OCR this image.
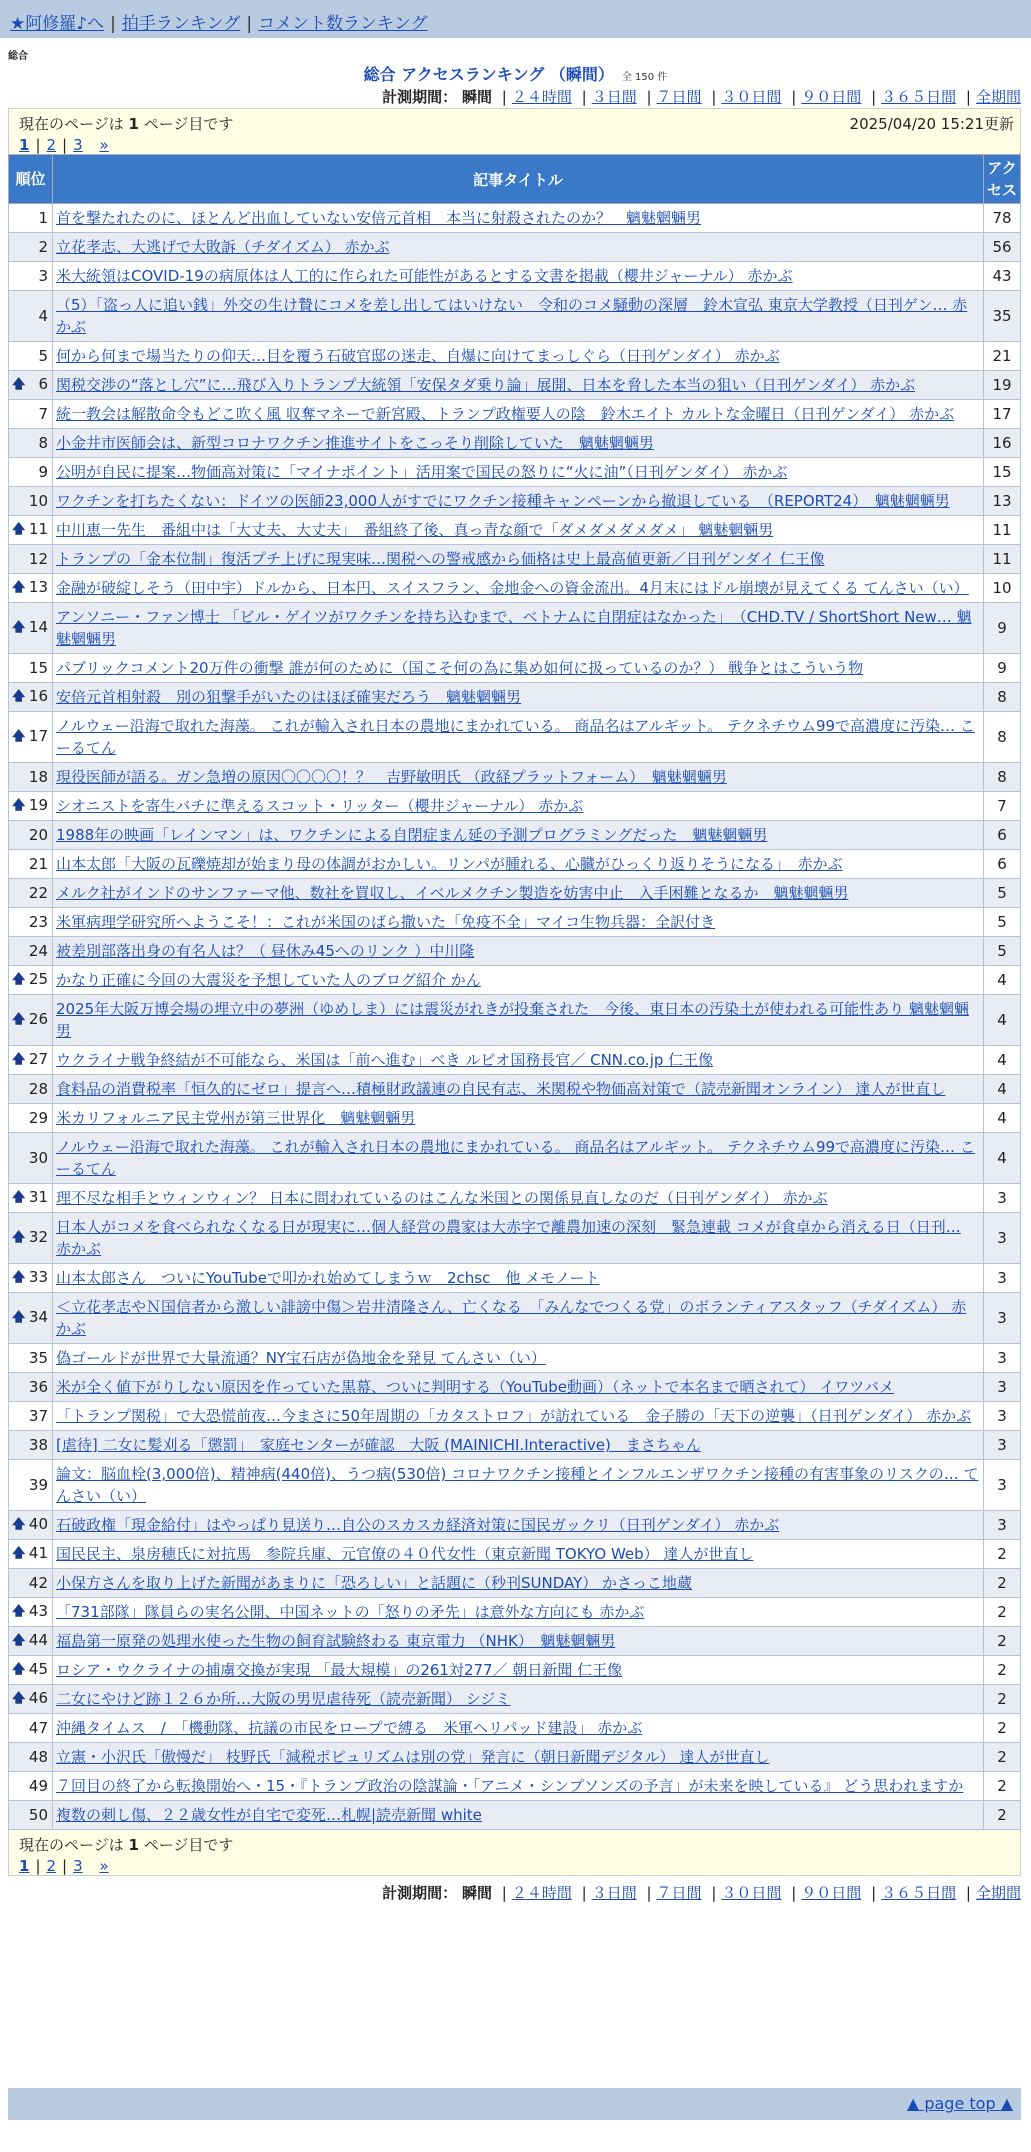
★阿修羅♪へ | 拍手ランキング | コメント数ランキング
総合
総合 アクセスランキング （瞬間） 全 150 件
計測期間： 瞬間 | ２４時間 | ３日間 | ７日間 | ３０日間 | ９０日間 | ３６５日間 | 全期間
現在のページは 1 ページ目です	2025/04/20 15:21更新
1 | 2 | 3 »
順位	記事タイトル	アクセス
1	首を撃たれたのに、ほとんど出血していない安倍元首相　本当に射殺されたのか？　魑魅魍魎男	78
2	立花孝志、大逃げで大敗訴（チダイズム） 赤かぶ	56
3	米大統領はCOVID-19の病原体は人工的に作られた可能性があるとする文書を掲載（櫻井ジャーナル） 赤かぶ	43
4	（5）「盗っ人に追い銭」外交の生け贄にコメを差し出してはいけない　令和のコメ騒動の深層　鈴木宣弘 東京大学教授（日刊ゲン… 赤かぶ	35
5	何から何まで場当たりの仰天…目を覆う石破官邸の迷走、自爆に向けてまっしぐら（日刊ゲンダイ） 赤かぶ	21

🡅 6	関税交渉の“落とし穴”に…飛び入りトランプ大統領「安保タダ乗り論」展開、日本を脅した本当の狙い（日刊ゲンダイ） 赤かぶ	19
7	統一教会は解散命令もどこ吹く風 収奪マネーで新宮殿、トランプ政権要人の陰　鈴木エイト カルトな金曜日（日刊ゲンダイ） 赤かぶ	17
8	小金井市医師会は、新型コロナワクチン推進サイトをこっそり削除していた　魑魅魍魎男	16
9	公明が自民に提案…物価高対策に「マイナポイント」活用案で国民の怒りに“火に油”（日刊ゲンダイ） 赤かぶ	15
10	ワクチンを打ちたくない：ドイツの医師23,000人がすでにワクチン接種キャンペーンから撤退している　（REPORT24）　魑魅魍魎男	13

🡅 11	中川恵一先生　番組中は「大丈夫、大丈夫」　番組終了後、真っ青な顔で「ダメダメダメダメ」 魑魅魍魎男	11
12	トランプの「金本位制」復活プチ上げに現実味…関税への警戒感から価格は史上最高値更新／日刊ゲンダイ 仁王像	11

🡅 13	金融が破綻しそう（田中宇）ドルから、日本円、スイスフラン、金地金への資金流出。4月末にはドル崩壊が見えてくる てんさい（い）	10

🡅 14	アンソニー・ファン博士 「ビル・ゲイツがワクチンを持ち込むまで、ベトナムに自閉症はなかった」　（CHD.TV / ShortShort New… 魑魅魍魎男	9
15	パブリックコメント20万件の衝撃 誰が何のために（国こそ何の為に集め如何に扱っているのか？） 戦争とはこういう物	9

🡅 16	安倍元首相射殺　別の狙撃手がいたのはほぼ確実だろう　魑魅魍魎男	8

🡅 17	ノルウェー沿海で取れた海藻。 これが輸入され日本の農地にまかれている。 商品名はアルギット。 テクネチウム99で高濃度に汚染… こーるてん	8
18	現役医師が語る。ガン急増の原因〇〇〇〇！？　吉野敏明氏 （政経プラットフォーム）　魑魅魍魎男	8

🡅 19	シオニストを寄生バチに準えるスコット・リッター（櫻井ジャーナル） 赤かぶ	7
20	1988年の映画「レインマン」は、ワクチンによる自閉症まん延の予測プログラミングだった　魑魅魍魎男	6
21	山本太郎「大阪の瓦礫焼却が始まり母の体調がおかしい。リンパが腫れる、心臓がひっくり返りそうになる」　赤かぶ	6
22	メルク社がインドのサンファーマ他、数社を買収し、イベルメクチン製造を妨害中止　入手困難となるか　魑魅魍魎男	5
23	米軍病理学研究所へようこそ！：これが米国のばら撒いた「免疫不全」マイコ生物兵器：全訳付き	5
24	被差別部落出身の有名人は？（ 昼休み45へのリンク ）中川隆	5

🡅 25	かなり正確に今回の大震災を予想していた人のブログ紹介 かん	4

🡅 26	2025年大阪万博会場の埋立中の夢洲（ゆめしま）には震災がれきが投棄された　今後、東日本の汚染土が使われる可能性あり 魑魅魍魎男	4

🡅 27	ウクライナ戦争終結が不可能なら、米国は「前へ進む」べき ルビオ国務長官／ CNN.co.jp 仁王像	4
28	食料品の消費税率「恒久的にゼロ」提言へ…積極財政議連の自民有志、米関税や物価高対策で（読売新聞オンライン） 達人が世直し	4
29	米カリフォルニア民主党州が第三世界化　魑魅魍魎男	4
30	ノルウェー沿海で取れた海藻。 これが輸入され日本の農地にまかれている。 商品名はアルギット。 テクネチウム99で高濃度に汚染… こーるてん	4

🡅 31	理不尽な相手とウィンウィン？ 日本に問われているのはこんな米国との関係見直しなのだ（日刊ゲンダイ） 赤かぶ	3

🡅 32	日本人がコメを食べられなくなる日が現実に…個人経営の農家は大赤字で離農加速の深刻　緊急連載 コメが食卓から消える日（日刊… 赤かぶ	3

🡅 33	山本太郎さん　ついにYouTubeで叩かれ始めてしまうｗ　2chsc　他 メモノート	3

🡅 34	＜立花孝志やＮ国信者から激しい誹謗中傷＞岩井清隆さん、亡くなる　「みんなでつくる党」のボランティアスタッフ（チダイズム） 赤かぶ	3
35	偽ゴールドが世界で大量流通？NY宝石店が偽地金を発見 てんさい（い）	3
36	米が全く値下がりしない原因を作っていた黒幕、ついに判明する（YouTube動画）（ネットで本名まで晒されて） イワツバメ	3
37	「トランプ関税」で大恐慌前夜…今まさに50年周期の「カタストロフ」が訪れている　金子勝の「天下の逆襲」（日刊ゲンダイ） 赤かぶ	3
38	[虐待] 二女に髪刈る「懲罰」　家庭センターが確認　大阪 (MAINICHI.Interactive)　まさちゃん	3
39	論文：脳血栓(3,000倍)、精神病(440倍)、うつ病(530倍) コロナワクチン接種とインフルエンザワクチン接種の有害事象のリスクの… てんさい（い）	3

🡅 40	石破政権「現金給付」はやっぱり見送り…自公のスカスカ経済対策に国民ガックリ（日刊ゲンダイ） 赤かぶ	3

🡅 41	国民民主、泉房穂氏に対抗馬　参院兵庫、元官僚の４０代女性（東京新聞 TOKYO Web） 達人が世直し	2
42	小保方さんを取り上げた新聞があまりに「恐ろしい」と話題に（秒刊SUNDAY） かさっこ地蔵	2

🡅 43	「731部隊」隊員らの実名公開、中国ネットの「怒りの矛先」は意外な方向にも 赤かぶ	2

🡅 44	福島第一原発の処理水使った生物の飼育試験終わる 東京電力 （NHK）　魑魅魍魎男	2

🡅 45	ロシア・ウクライナの捕虜交換が実現 「最大規模」の261対277／ 朝日新聞 仁王像	2

🡅 46	二女にやけど跡１２６か所…大阪の男児虐待死（読売新聞） シジミ	2
47	沖縄タイムス　/　「機動隊、抗議の市民をロープで縛る　米軍ヘリパッド建設」 赤かぶ	2
48	立憲・小沢氏「傲慢だ」 枝野氏「減税ポピュリズムは別の党」発言に（朝日新聞デジタル） 達人が世直し	2
49	７回目の終了から転換開始へ・15・『トランプ政治の陰謀論・「アニメ・シンプソンズの予言」が未来を映している』 どう思われますか	2
50	複数の刺し傷、２２歳女性が自宅で変死…札幌|読売新聞 white	2
現在のページは 1 ページ目です
1 | 2 | 3 »
計測期間： 瞬間 | ２４時間 | ３日間 | ７日間 | ３０日間 | ９０日間 | ３６５日間 | 全期間
▲ page top ▲
